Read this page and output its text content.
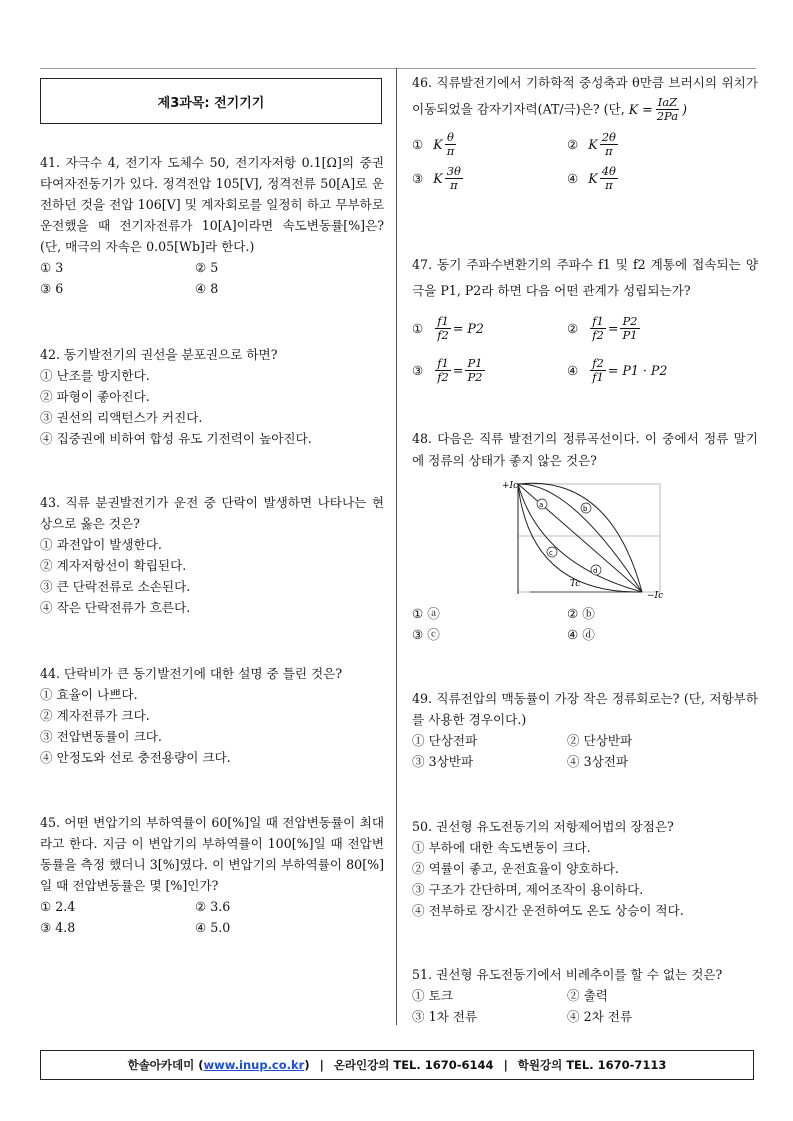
제3과목: 전기기기
41. 자극수 4, 전기자 도체수 50, 전기자저항 0.1[Ω]의 중권 타여자전동기가 있다. 정격전압 105[V], 정격전류 50[A]로 운전하던 것을 전압 106[V] 및 계자회로를 일정히 하고 무부하로 운전했을 때 전기자전류가 10[A]이라면 속도변동률[%]은? (단, 매극의 자속은 0.05[Wb]라 한다.)
① 3	② 5
③ 6	④ 8
42. 동기발전기의 권선을 분포권으로 하면?
① 난조를 방지한다.
② 파형이 좋아진다.
③ 권선의 리액턴스가 커진다.
④ 집중권에 비하여 합성 유도 기전력이 높아진다.
43. 직류 분권발전기가 운전 중 단락이 발생하면 나타나는 현상으로 옳은 것은?
① 과전압이 발생한다.
② 계자저항선이 확립된다.
③ 큰 단락전류로 소손된다.
④ 작은 단락전류가 흐른다.
44. 단락비가 큰 동기발전기에 대한 설명 중 틀린 것은?
① 효율이 나쁘다.
② 계자전류가 크다.
③ 전압변동률이 크다.
④ 안정도와 선로 충전용량이 크다.
45. 어떤 변압기의 부하역률이 60[%]일 때 전압변동률이 최대라고 한다. 지금 이 변압기의 부하역률이 100[%]일 때 전압변동률을 측정 했더니 3[%]였다. 이 변압기의 부하역률이 80[%]일 때 전압변동률은 몇 [%]인가?
① 2.4	② 3.6
③ 4.8	④ 5.0
46. 직류발전기에서 기하학적 중성축과 θ만큼 브러시의 위치가 이동되었을 감자기자력(AT/극)은? (단, $K = \frac{\text{IaZ}}{2Pa}$ )
① K $\frac{\theta}{\pi}$	② K $\frac{2\theta}{\pi}$
③ K $\frac{3\theta}{\pi}$	④ K $\frac{4\theta}{\pi}$
47. 동기 주파수변환기의 주파수 f1 및 f2 계통에 접속되는 양극을 P1, P2라 하면 다음 어떤 관계가 성립되는가?
① $\frac{f1}{f2} = P2$	② $\frac{f1}{f2} = \frac{P2}{P1}$
③ $\frac{f1}{f2} = \frac{P1}{P2}$	④ $\frac{f2}{f1} = P1 \cdot P2$
48. 다음은 직류 발전기의 정류곡선이다. 이 중에서 정류 말기에 정류의 상태가 좋지 않은 것은?
+Ic
−Ic
Tc
a	b
c
d
① ⓐ	② ⓑ
③ ⓒ	④ ⓓ
49. 직류전압의 맥동률이 가장 작은 정류회로는? (단, 저항부하를 사용한 경우이다.)
① 단상전파	② 단상반파
③ 3상반파	④ 3상전파
50. 권선형 유도전동기의 저항제어법의 장점은?
① 부하에 대한 속도변동이 크다.
② 역률이 좋고, 운전효율이 양호하다.
③ 구조가 간단하며, 제어조작이 용이하다.
④ 전부하로 장시간 운전하여도 온도 상승이 적다.
51. 권선형 유도전동기에서 비례추이를 할 수 없는 것은?
① 토크	② 출력
③ 1차 전류	④ 2차 전류
한솔아카데미 ( www.inup.co.kr ) | 온라인강의 TEL. 1670-6144 | 학원강의 TEL. 1670-7113
